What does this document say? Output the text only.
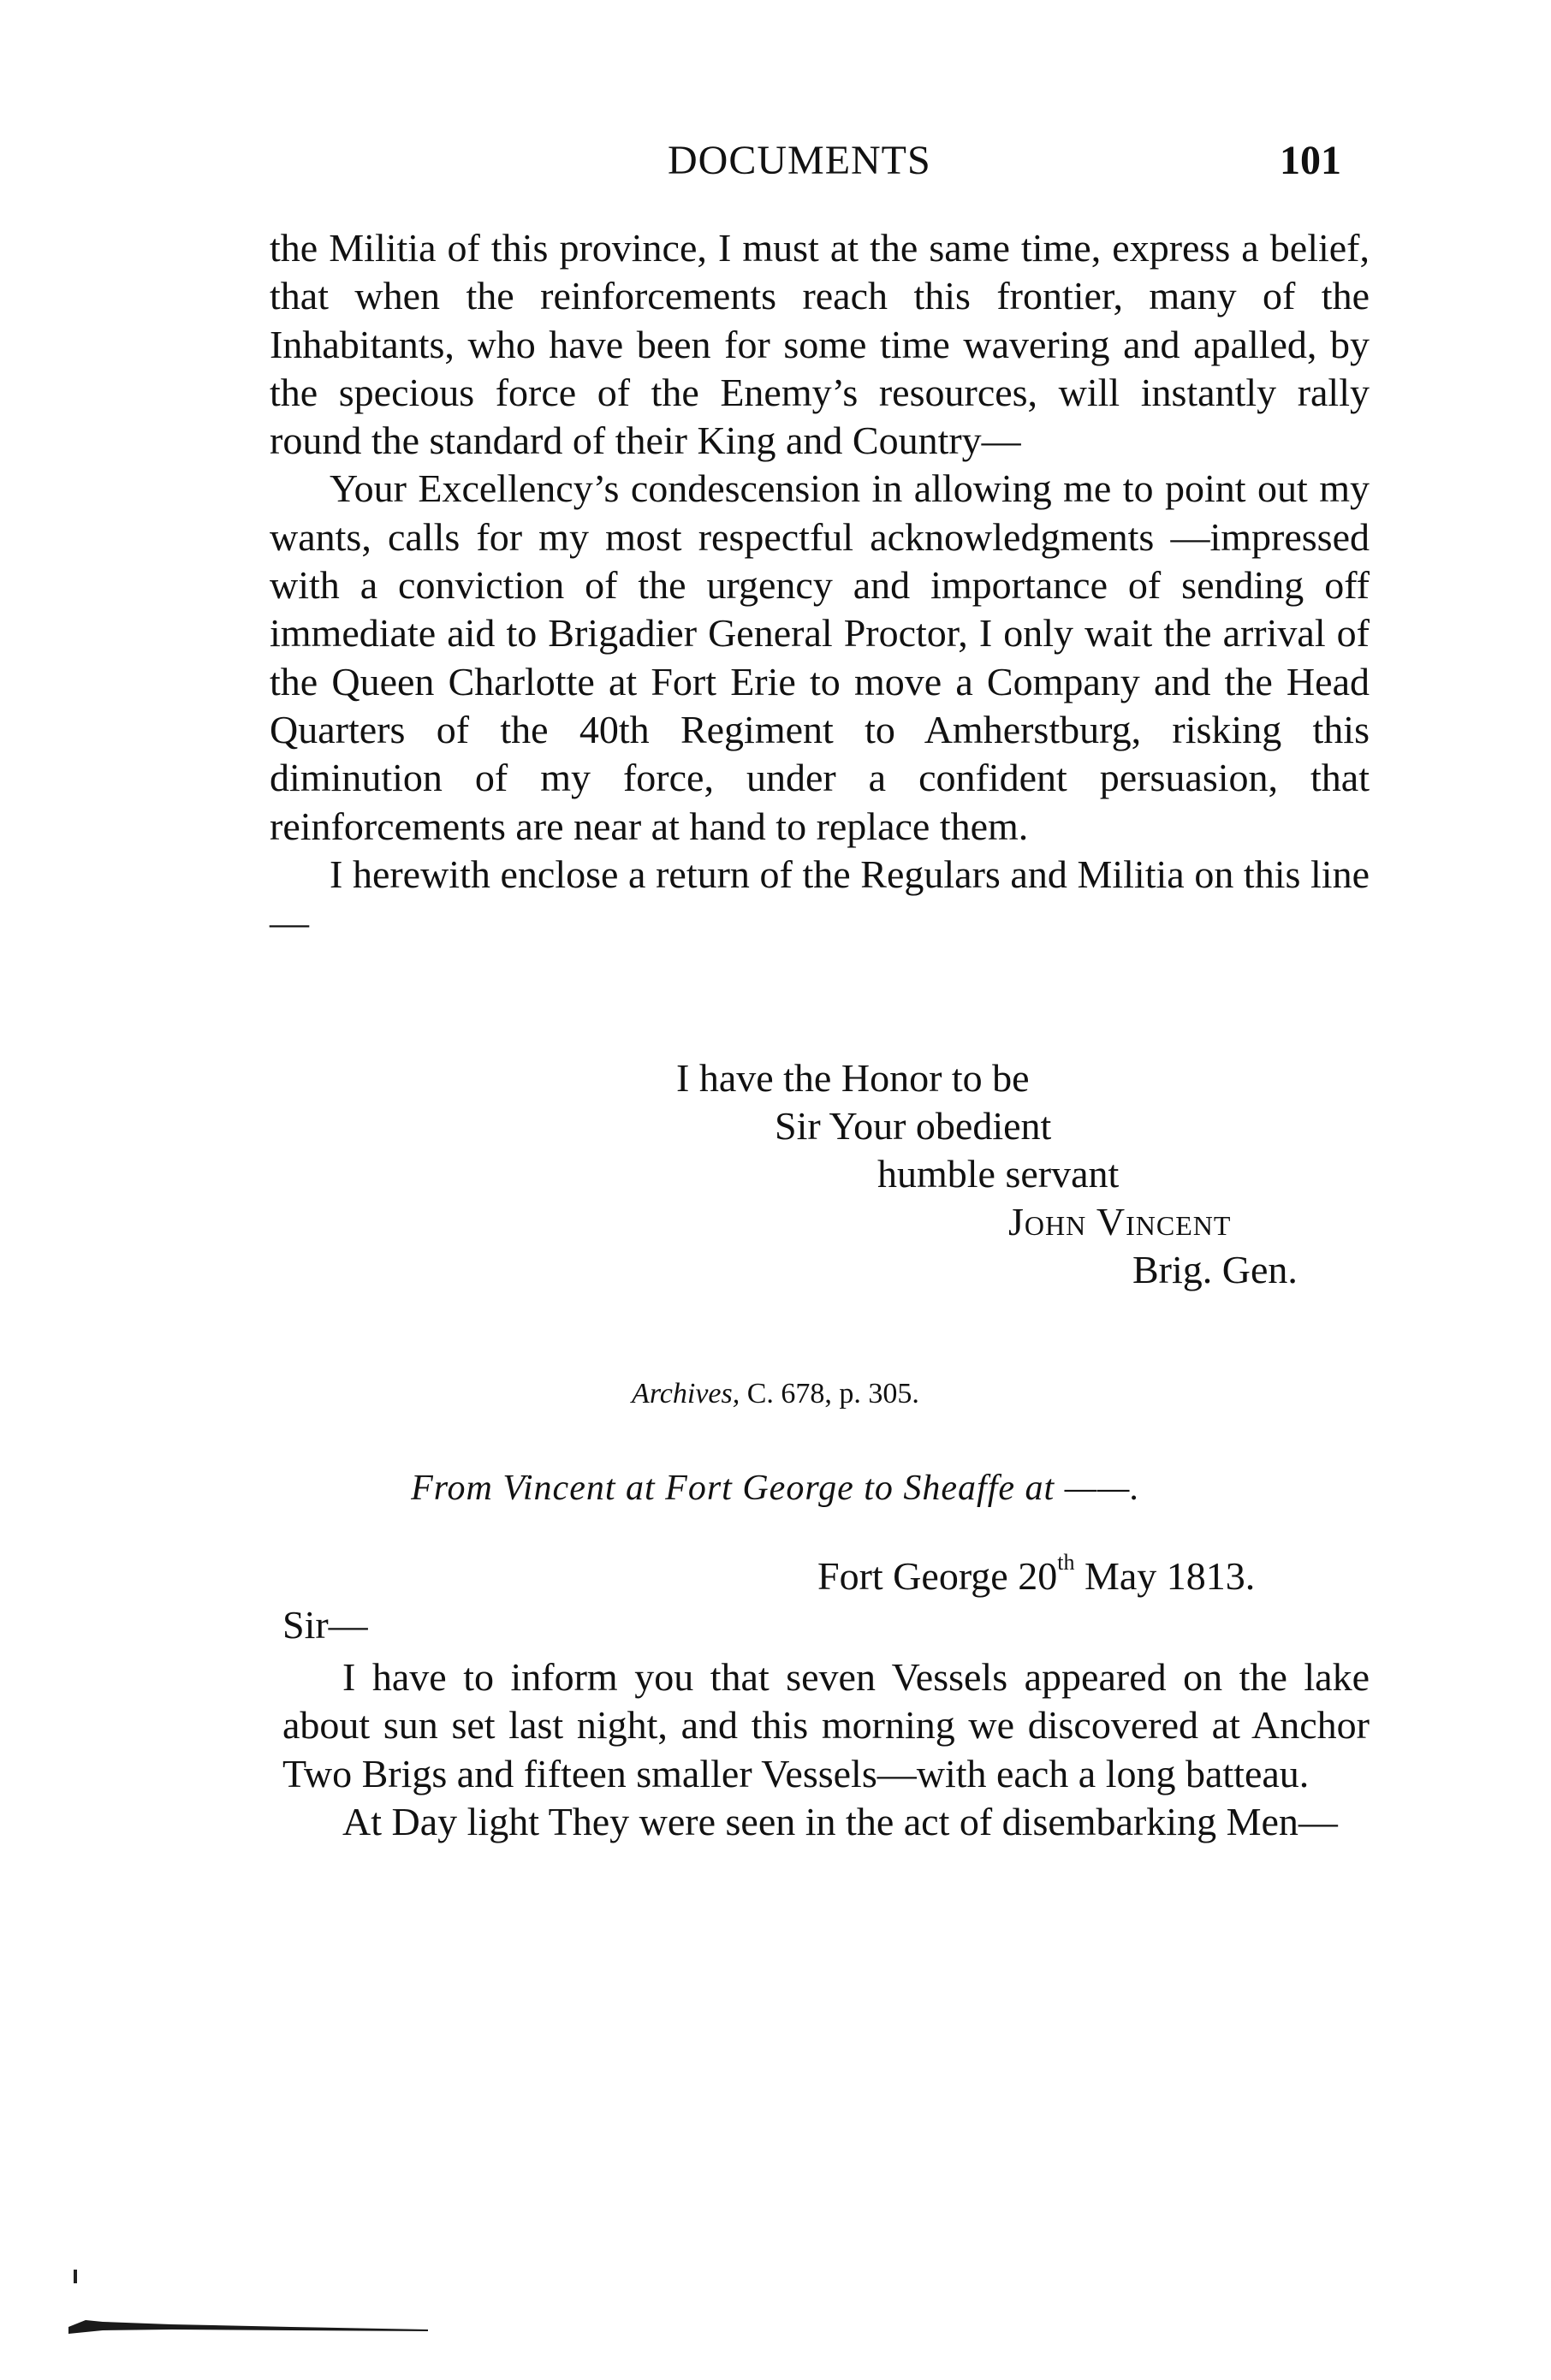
DOCUMENTS	101

the Militia of this province, I must at the same time, express a belief, that when the reinforcements reach this frontier, many of the Inhabitants, who have been for some time wavering and apalled, by the specious force of the Enemy’s resources, will instantly rally round the standard of their King and Country—

Your Excellency’s condescension in allowing me to point out my wants, calls for my most respectful acknowledgments —impressed with a conviction of the urgency and importance of sending off immediate aid to Brigadier General Proctor, I only wait the arrival of the Queen Charlotte at Fort Erie to move a Company and the Head Quarters of the 40th Regiment to Amherstburg, risking this diminution of my force, under a confident persuasion, that reinforcements are near at hand to replace them.

I herewith enclose a return of the Regulars and Militia on this line—

I have the Honor to be
Sir Your obedient
humble servant
John Vincent
Brig. Gen.
Archives, C. 678, p. 305.
From Vincent at Fort George to Sheaffe at ——.
Fort George 20th May 1813.
Sir—

I have to inform you that seven Vessels appeared on the lake about sun set last night, and this morning we discovered at Anchor Two Brigs and fifteen smaller Vessels—with each a long batteau.

At Day light They were seen in the act of disembarking Men—
